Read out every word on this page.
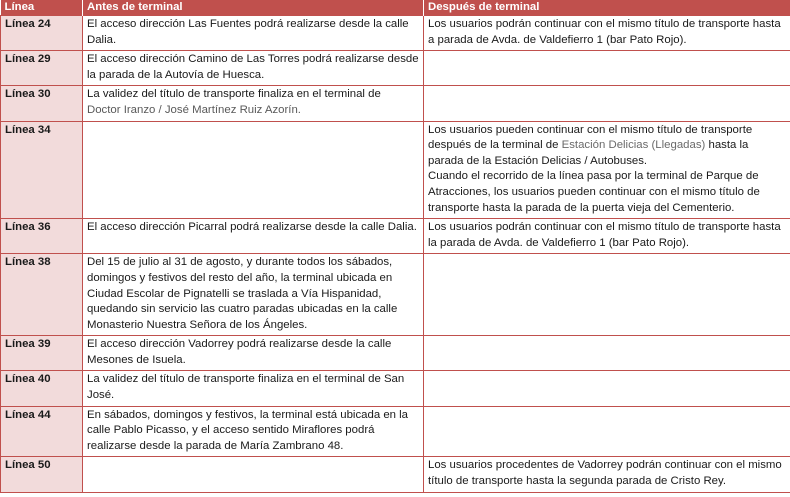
Línea	Antes de terminal	Después de terminal
Línea 24	El acceso dirección Las Fuentes podrá realizarse desde la calle Dalia.	Los usuarios podrán continuar con el mismo título de transporte hasta a parada de Avda. de Valdefierro 1 (bar Pato Rojo).
Línea 29	El acceso dirección Camino de Las Torres podrá realizarse desde la parada de la Autovía de Huesca.	
Línea 30	La validez del título de transporte finaliza en el terminal de
Doctor Iranzo / José Martínez Ruiz Azorín.	
Línea 34		Los usuarios pueden continuar con el mismo título de transporte después de la terminal de Estación Delicias (Llegadas) hasta la parada de la Estación Delicias / Autobuses.
Cuando el recorrido de la línea pasa por la terminal de Parque de Atracciones, los usuarios pueden continuar con el mismo título de transporte hasta la parada de la puerta vieja del Cementerio.
Línea 36	El acceso dirección Picarral podrá realizarse desde la calle Dalia.	Los usuarios podrán continuar con el mismo título de transporte hasta la parada de Avda. de Valdefierro 1 (bar Pato Rojo).
Línea 38	Del 15 de julio al 31 de agosto, y durante todos los sábados, domingos y festivos del resto del año, la terminal ubicada en Ciudad Escolar de Pignatelli se traslada a Vía Hispanidad, quedando sin servicio las cuatro paradas ubicadas en la calle Monasterio Nuestra Señora de los Ángeles.	
Línea 39	El acceso dirección Vadorrey podrá realizarse desde la calle Mesones de Isuela.	
Línea 40	La validez del título de transporte finaliza en el terminal de San José.	
Línea 44	En sábados, domingos y festivos, la terminal está ubicada en la calle Pablo Picasso, y el acceso sentido Miraflores podrá realizarse desde la parada de María Zambrano 48.	
Línea 50		Los usuarios procedentes de Vadorrey podrán continuar con el mismo título de transporte hasta la segunda parada de Cristo Rey.
